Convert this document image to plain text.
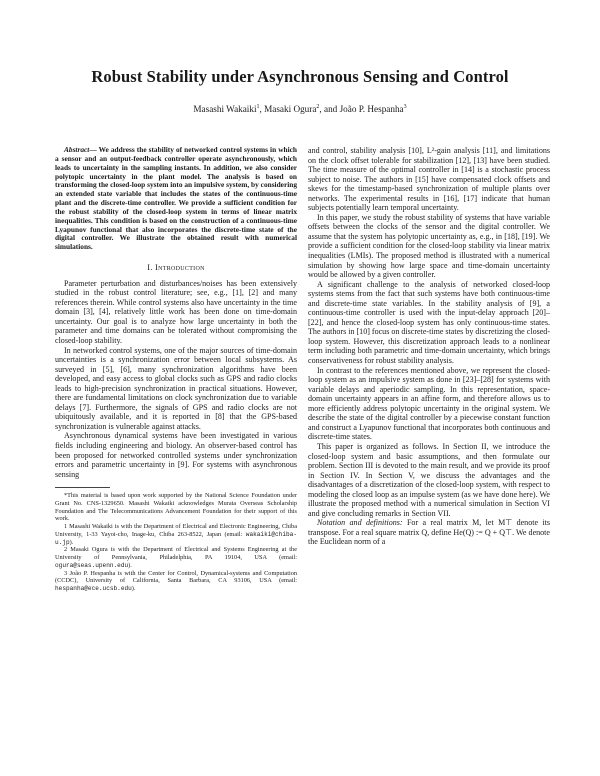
Robust Stability under Asynchronous Sensing and Control
Masashi Wakaiki$^1$, Masaki Ogura$^2$, and João P. Hespanha$^3$

Abstract— We address the stability of networked control systems in which a sensor and an output-feedback controller operate asynchronously, which leads to uncertainty in the sampling instants. In addition, we also consider polytopic uncertainty in the plant model. The analysis is based on transforming the closed-loop system into an impulsive system, by considering an extended state variable that includes the states of the continuous-time plant and the discrete-time controller. We provide a sufficient condition for the robust stability of the closed-loop system in terms of linear matrix inequalities. This condition is based on the construction of a continuous-time Lyapunov functional that also incorporates the discrete-time state of the digital controller. We illustrate the obtained result with numerical simulations.

I. Introduction

Parameter perturbation and disturbances/noises has been extensively studied in the robust control literature; see, e.g., [1], [2] and many references therein. While control systems also have uncertainty in the time domain [3], [4], relatively little work has been done on time-domain uncertainty. Our goal is to analyze how large uncertainty in both the parameter and time domains can be tolerated without compromising the closed-loop stability.

In networked control systems, one of the major sources of time-domain uncertainties is a synchronization error between local subsystems. As surveyed in [5], [6], many synchronization algorithms have been developed, and easy access to global clocks such as GPS and radio clocks leads to high-precision synchronization in practical situations. However, there are fundamental limitations on clock synchronization due to variable delays [7]. Furthermore, the signals of GPS and radio clocks are not ubiquitously available, and it is reported in [8] that the GPS-based synchronization is vulnerable against attacks.

Asynchronous dynamical systems have been investigated in various fields including engineering and biology. An observer-based control has been proposed for networked controlled systems under synchronization errors and parametric uncertainty in [9]. For systems with asynchronous sensing

*This material is based upon work supported by the National Science Foundation under Grant No. CNS-1329650. Masashi Wakaiki acknowledges Murata Overseas Scholarship Foundation and The Telecommunications Advancement Foundation for their support of this work.

1 Masashi Wakaiki is with the Department of Electrical and Electronic Engineering, Chiba University, 1-33 Yayoi-cho, Inage-ku, Chiba 263-8522, Japan (email: wakaiki@chiba-u.jp).

2 Masaki Ogura is with the Department of Electrical and Systems Engineering at the University of Pennsylvania, Philadelphia, PA 19104, USA (email: ogura@seas.upenn.edu).

3 João P. Hespanha is with the Center for Control, Dynamical-systems and Computation (CCDC), University of California, Santa Barbara, CA 93106, USA (email: hespanha@ece.ucsb.edu).

and control, stability analysis [10], L²-gain analysis [11], and limitations on the clock offset tolerable for stabilization [12], [13] have been studied. The time measure of the optimal controller in [14] is a stochastic process subject to noise. The authors in [15] have compensated clock offsets and skews for the timestamp-based synchronization of multiple plants over networks. The experimental results in [16], [17] indicate that human subjects potentially learn temporal uncertainty.

In this paper, we study the robust stability of systems that have variable offsets between the clocks of the sensor and the digital controller. We assume that the system has polytopic uncertainty as, e.g., in [18], [19]. We provide a sufficient condition for the closed-loop stability via linear matrix inequalities (LMIs). The proposed method is illustrated with a numerical simulation by showing how large space and time-domain uncertainty would be allowed by a given controller.

A significant challenge to the analysis of networked closed-loop systems stems from the fact that such systems have both continuous-time and discrete-time state variables. In the stability analysis of [9], a continuous-time controller is used with the input-delay approach [20]–[22], and hence the closed-loop system has only continuous-time states. The authors in [10] focus on discrete-time states by discretizing the closed-loop system. However, this discretization approach leads to a nonlinear term including both parametric and time-domain uncertainty, which brings conservativeness for robust stability analysis.

In contrast to the references mentioned above, we represent the closed-loop system as an impulsive system as done in [23]–[28] for systems with variable delays and aperiodic sampling. In this representation, space-domain uncertainty appears in an affine form, and therefore allows us to more efficiently address polytopic uncertainty in the original system. We describe the state of the digital controller by a piecewise constant function and construct a Lyapunov functional that incorporates both continuous and discrete-time states.

This paper is organized as follows. In Section II, we introduce the closed-loop system and basic assumptions, and then formulate our problem. Section III is devoted to the main result, and we provide its proof in Section IV. In Section V, we discuss the advantages and the disadvantages of a discretization of the closed-loop system, with respect to modeling the closed loop as an impulse system (as we have done here). We illustrate the proposed method with a numerical simulation in Section VI and give concluding remarks in Section VII.

Notation and definitions: For a real matrix M, let M⊤ denote its transpose. For a real square matrix Q, define He(Q) := Q + Q⊤. We denote the Euclidean norm of a
